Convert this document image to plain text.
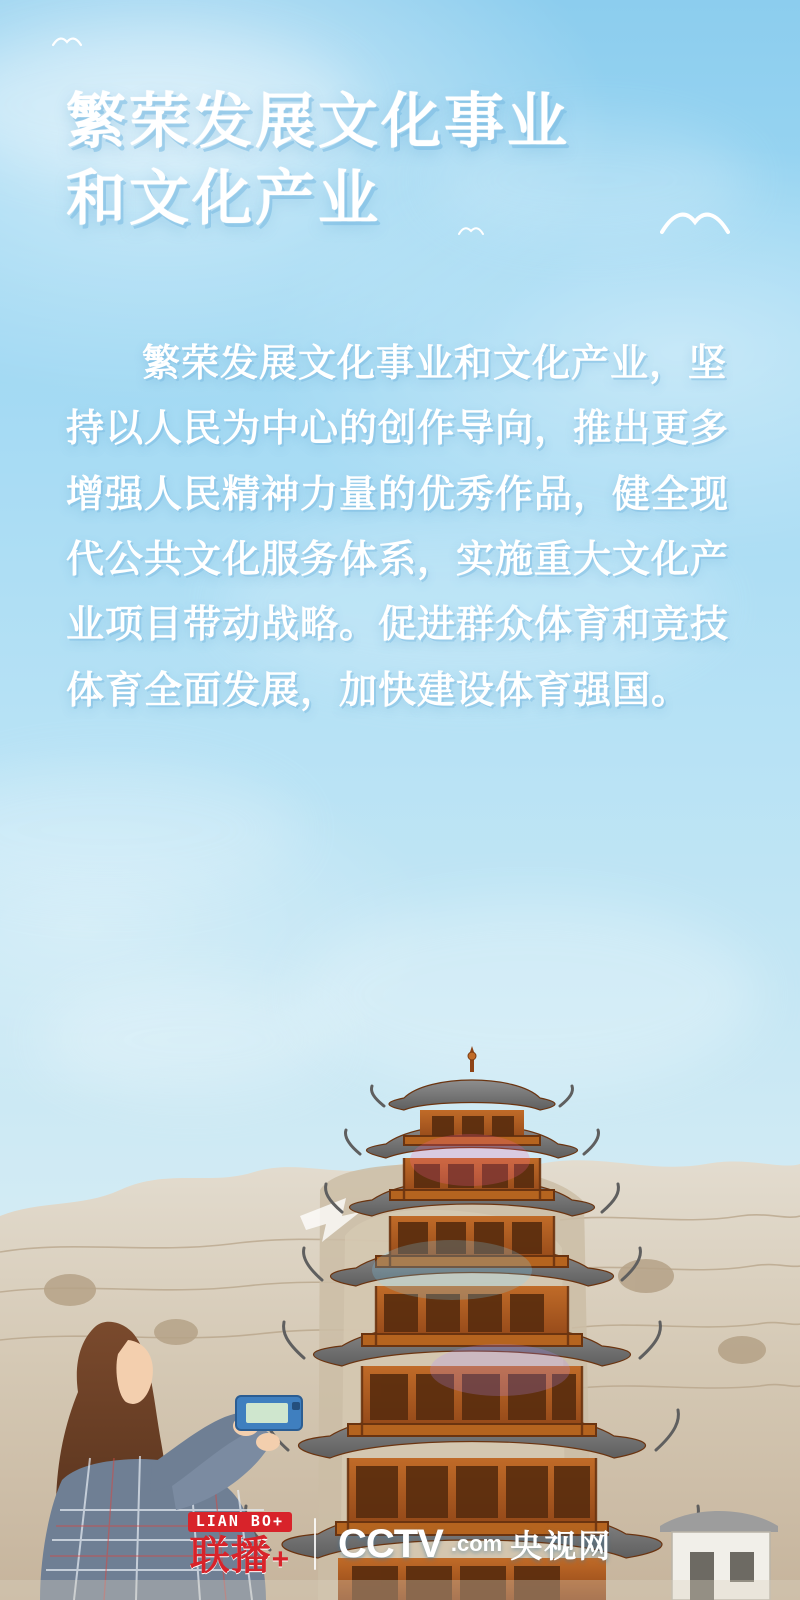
繁荣发展文化事业
和文化产业
繁荣发展文化事业和文化产业，坚持以人民为中心的创作导向，推出更多增强人民精神力量的优秀作品，健全现代公共文化服务体系，实施重大文化产业项目带动战略。促进群众体育和竞技体育全面发展，加快建设体育强国。
LIAN BO+
联播+ CCTV .com 央视网
